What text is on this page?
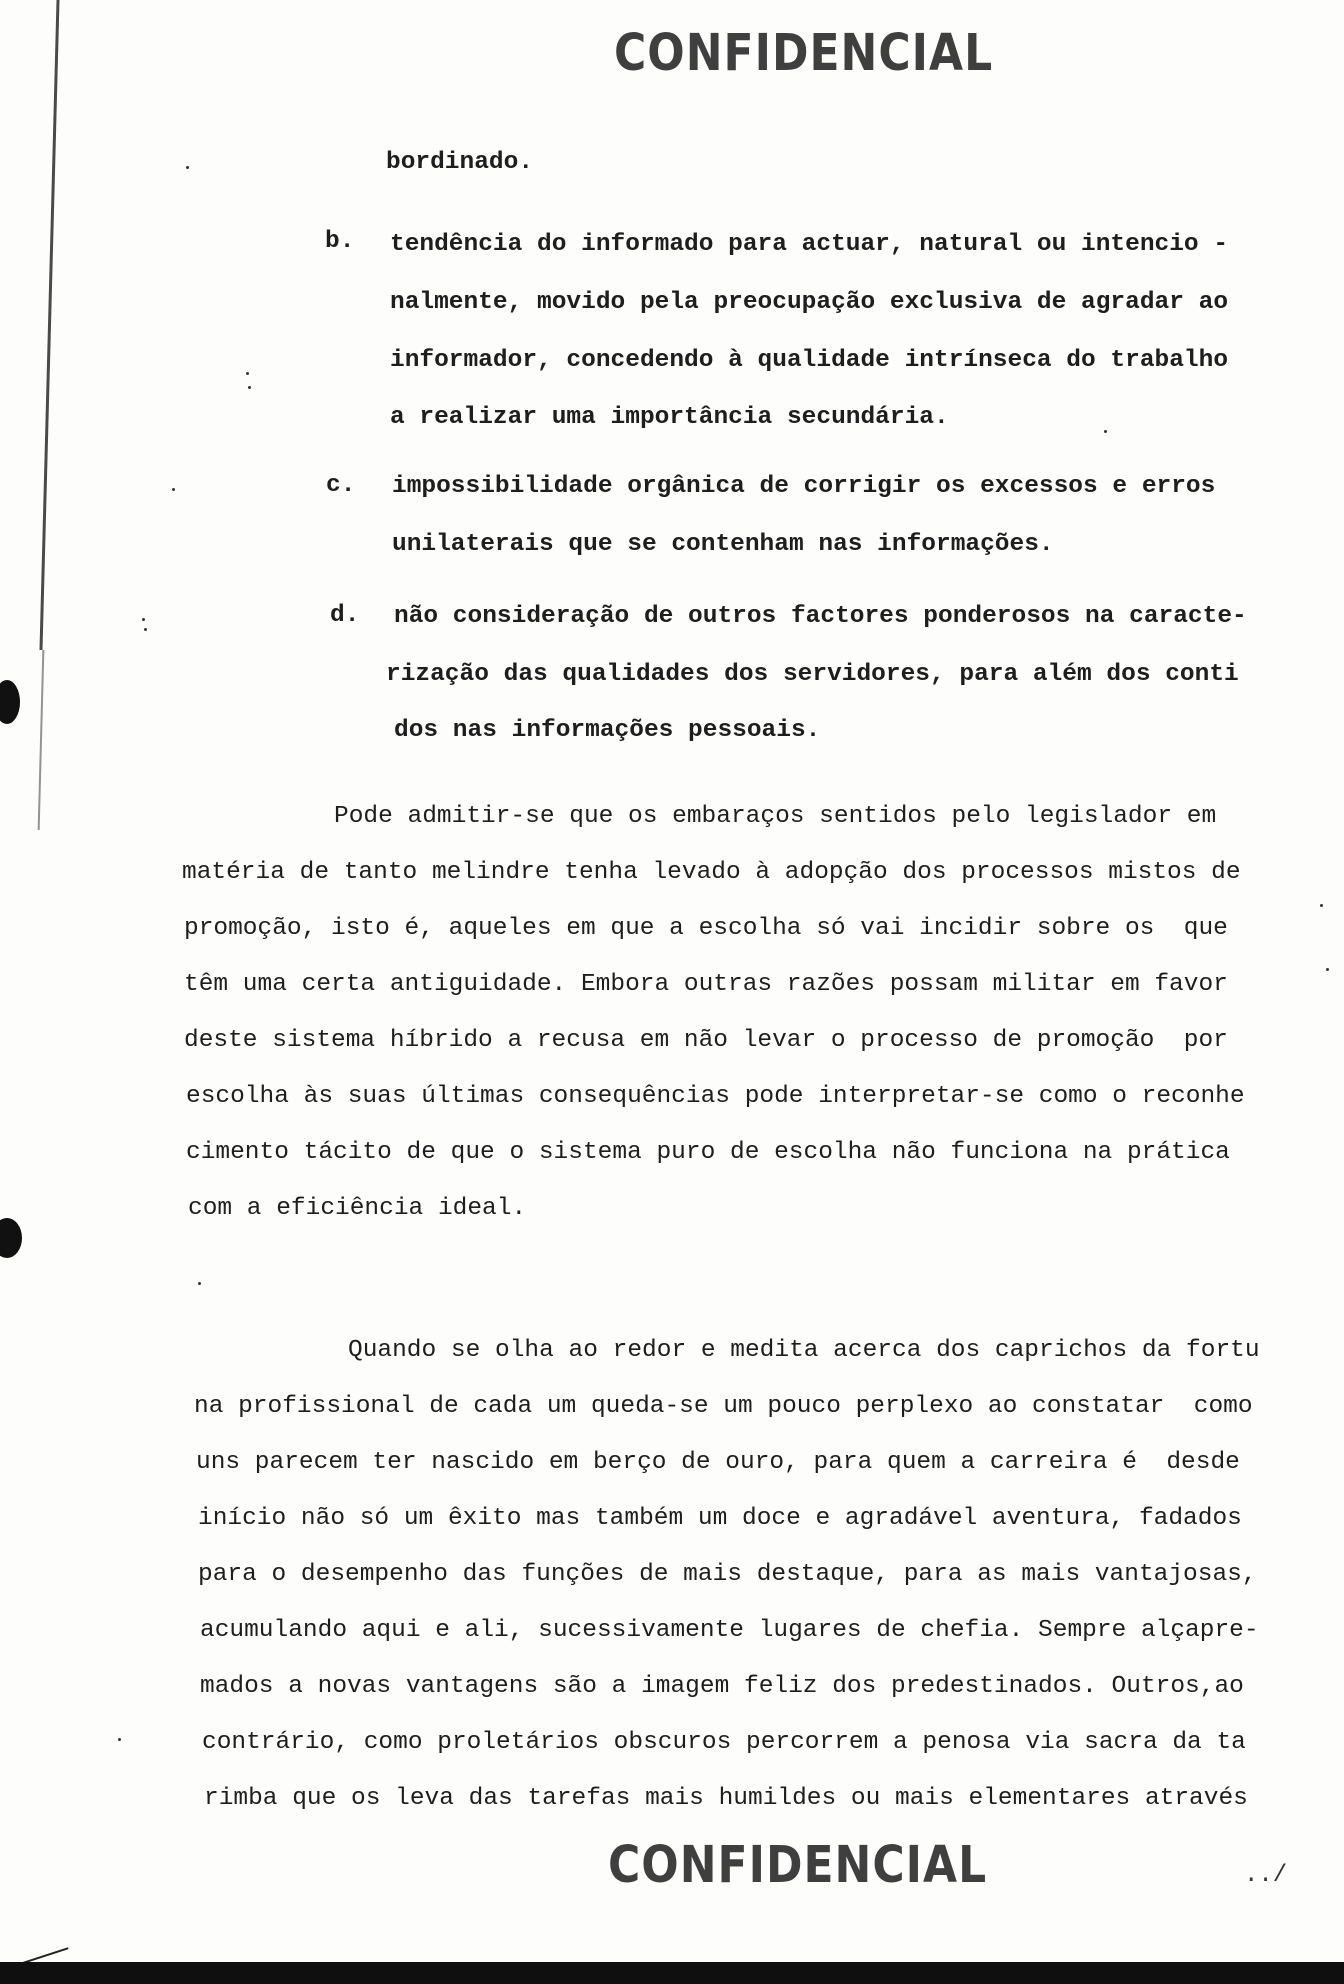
CONFIDENCIAL
bordinado.
b. tendência do informado para actuar, natural ou intencio -
nalmente, movido pela preocupação exclusiva de agradar ao
informador, concedendo à qualidade intrínseca do trabalho
a realizar uma importância secundária.
c. impossibilidade orgânica de corrigir os excessos e erros
unilaterais que se contenham nas informações.
d. não consideração de outros factores ponderosos na caracte-
rização das qualidades dos servidores, para além dos conti
dos nas informações pessoais.
Pode admitir-se que os embaraços sentidos pelo legislador em
matéria de tanto melindre tenha levado à adopção dos processos mistos de
promoção, isto é, aqueles em que a escolha só vai incidir sobre os  que
têm uma certa antiguidade. Embora outras razões possam militar em favor
deste sistema híbrido a recusa em não levar o processo de promoção  por
escolha às suas últimas consequências pode interpretar-se como o reconhe
cimento tácito de que o sistema puro de escolha não funciona na prática
com a eficiência ideal.
Quando se olha ao redor e medita acerca dos caprichos da fortu
na profissional de cada um queda-se um pouco perplexo ao constatar  como
uns parecem ter nascido em berço de ouro, para quem a carreira é  desde
início não só um êxito mas também um doce e agradável aventura, fadados
para o desempenho das funções de mais destaque, para as mais vantajosas,
acumulando aqui e ali, sucessivamente lugares de chefia. Sempre alçapre-
mados a novas vantagens são a imagem feliz dos predestinados. Outros,ao
contrário, como proletários obscuros percorrem a penosa via sacra da ta
rimba que os leva das tarefas mais humildes ou mais elementares através
CONFIDENCIAL	../
